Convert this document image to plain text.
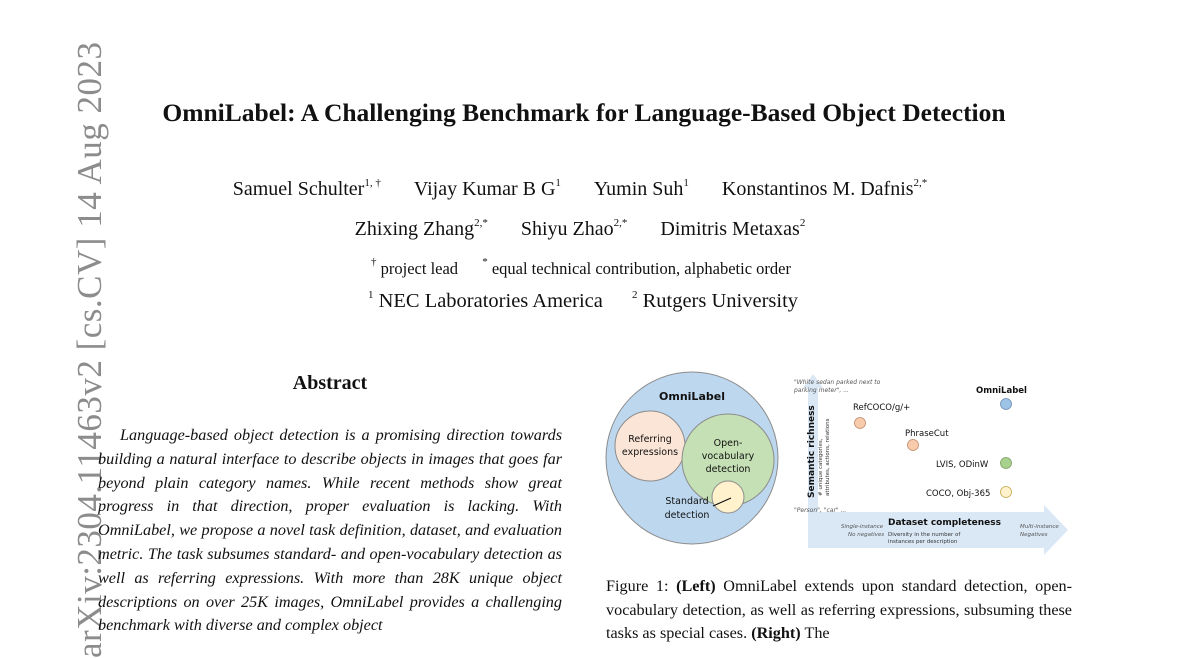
arXiv:2304.11463v2 [cs.CV] 14 Aug 2023	OmniLabel: A Challenging Benchmark for Language-Based Object Detection
Samuel Schulter$^{1, \dagger}$ Vijay Kumar B $G^1$ Yumin Suh$^1$ Konstantinos M. Dafnis$^{2,*}$
Zhixing Zhang$^{2,*}$ Shiyu Zhao$^{2,*}$ Dimitris Metaxas$^2$
† project lead * equal technical contribution, alphabetic order
$^1$ NEC Laboratories America	$^2$ Rutgers University
Abstract
Language-based object detection is a promising direction towards building a natural interface to describe objects in images that goes far beyond plain category names. While recent methods show great progress in that direction, proper evaluation is lacking. With OmniLabel, we propose a novel task definition, dataset, and evaluation metric. The task subsumes standard- and open-vocabulary detection as well as referring expressions. With more than 28K unique object descriptions on over 25K images, OmniLabel provides a challenging benchmark with diverse and complex object
OmniLabel
Referring
expressions
Open-
vocabulary
detection
Standard
detection
"White sedan parked next to
parking meter", ...
"Person", "car" ...
Semantic richness # unique categories, attributes, actions, relations
Dataset completeness
Diversity in the number of
instances per description
Single-instance
No negatives
Multi-instance
Negatives
OmniLabel
RefCOCO/g/+
PhraseCut
LVIS, ODinW
COCO, Obj-365
Figure 1: (Left) OmniLabel extends upon standard detection, open-vocabulary detection, as well as referring expressions, subsuming these tasks as special cases. (Right) The
